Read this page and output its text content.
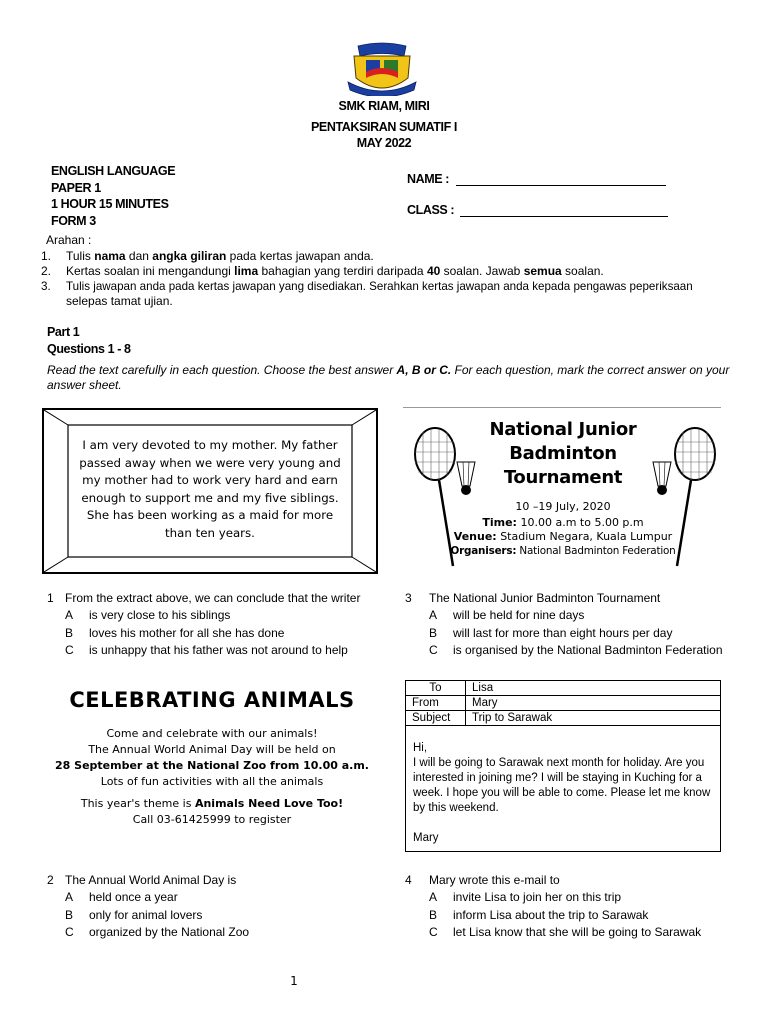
SMK RIAM, MIRI
PENTAKSIRAN SUMATIF I
MAY 2022
ENGLISH LANGUAGE
PAPER 1
1 HOUR 15 MINUTES
FORM 3
NAME :
CLASS :
Arahan :
1. Tulis nama dan angka giliran pada kertas jawapan anda.
2. Kertas soalan ini mengandungi lima bahagian yang terdiri daripada 40 soalan. Jawab semua soalan.
3. Tulis jawapan anda pada kertas jawapan yang disediakan. Serahkan kertas jawapan anda kepada pengawas peperiksaan
selepas tamat ujian.
Part 1
Questions 1 - 8
Read the text carefully in each question. Choose the best answer A, B or C. For each question, mark the correct answer on your
answer sheet.
I am very devoted to my mother. My father passed away when we were very young and my mother had to work very hard and earn enough to support me and my five siblings. She has been working as a maid for more than ten years.
National Junior
Badminton
Tournament
10 –19 July, 2020
Time: 10.00 a.m to 5.00 p.m
Venue: Stadium Negara, Kuala Lumpur
Organisers: National Badminton Federation
1 From the extract above, we can conclude that the writer
A is very close to his siblings
B loves his mother for all she has done
C is unhappy that his father was not around to help
3 The National Junior Badminton Tournament
A will be held for nine days
B will last for more than eight hours per day
C is organised by the National Badminton Federation
CELEBRATING ANIMALS
Come and celebrate with our animals!
The Annual World Animal Day will be held on
28 September at the National Zoo from 10.00 a.m.
Lots of fun activities with all the animals
This year's theme is Animals Need Love Too!
Call 03-61425999 to register
To	Lisa
From	Mary
Subject	Trip to Sarawak
Hi,
I will be going to Sarawak next month for holiday. Are you
interested in joining me? I will be staying in Kuching for a
week. I hope you will be able to come. Please let me know
by this weekend.
Mary
2 The Annual World Animal Day is
A held once a year
B only for animal lovers
C organized by the National Zoo
4 Mary wrote this e-mail to
A invite Lisa to join her on this trip
B inform Lisa about the trip to Sarawak
C let Lisa know that she will be going to Sarawak
1
